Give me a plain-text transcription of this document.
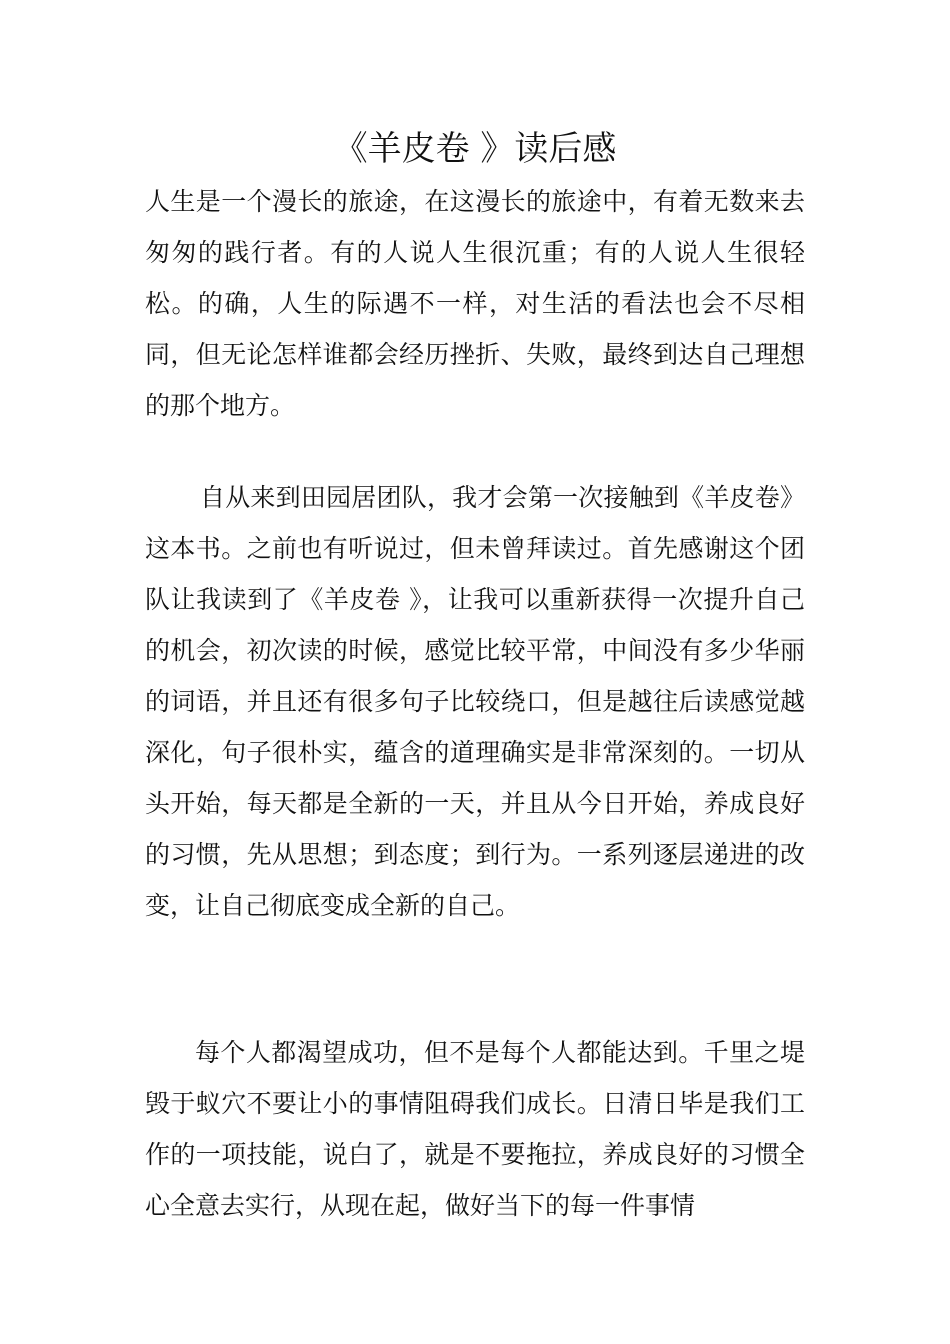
《羊皮卷 》读后感

人生是一个漫长的旅途，在这漫长的旅途中，有着无数来去匆匆的践行者。有的人说人生很沉重；有的人说人生很轻松。的确，人生的际遇不一样，对生活的看法也会不尽相同，但无论怎样谁都会经历挫折、失败，最终到达自己理想的那个地方。

自从来到田园居团队，我才会第一次接触到《羊皮卷》这本书。之前也有听说过，但未曾拜读过。首先感谢这个团队让我读到了《羊皮卷 》，让我可以重新获得一次提升自己的机会，初次读的时候，感觉比较平常，中间没有多少华丽的词语，并且还有很多句子比较绕口，但是越往后读感觉越深化，句子很朴实，蕴含的道理确实是非常深刻的。一切从头开始，每天都是全新的一天，并且从今日开始，养成良好的习惯，先从思想；到态度；到行为。一系列逐层递进的改变，让自己彻底变成全新的自己。

每个人都渴望成功，但不是每个人都能达到。千里之堤毁于蚁穴不要让小的事情阻碍我们成长。日清日毕是我们工作的一项技能，说白了，就是不要拖拉，养成良好的习惯全心全意去实行，从现在起，做好当下的每一件事情
